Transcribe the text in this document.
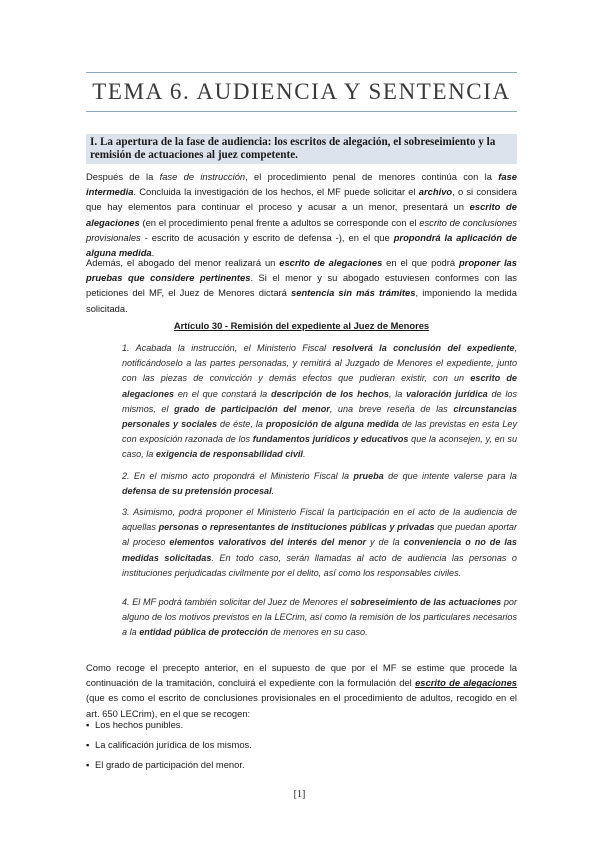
TEMA 6. AUDIENCIA Y SENTENCIA
I. La apertura de la fase de audiencia: los escritos de alegación, el sobreseimiento y la remisión de actuaciones al juez competente.
Después de la fase de instrucción, el procedimiento penal de menores continúa con la fase intermedia. Concluida la investigación de los hechos, el MF puede solicitar el archivo, o si considera que hay elementos para continuar el proceso y acusar a un menor, presentará un escrito de alegaciones (en el procedimiento penal frente a adultos se corresponde con el escrito de conclusiones provisionales - escrito de acusación y escrito de defensa -), en el que propondrá la aplicación de alguna medida.
Además, el abogado del menor realizará un escrito de alegaciones en el que podrá proponer las pruebas que considere pertinentes. Si el menor y su abogado estuviesen conformes con las peticiones del MF, el Juez de Menores dictará sentencia sin más trámites, imponiendo la medida solicitada.
Artículo 30 - Remisión del expediente al Juez de Menores
1. Acabada la instrucción, el Ministerio Fiscal resolverá la conclusión del expediente, notificándoselo a las partes personadas, y remitirá al Juzgado de Menores el expediente, junto con las piezas de convicción y demás efectos que pudieran existir, con un escrito de alegaciones en el que constará la descripción de los hechos, la valoración jurídica de los mismos, el grado de participación del menor, una breve reseña de las circunstancias personales y sociales de éste, la proposición de alguna medida de las previstas en esta Ley con exposición razonada de los fundamentos jurídicos y educativos que la aconsejen, y, en su caso, la exigencia de responsabilidad civil.
2. En el mismo acto propondrá el Ministerio Fiscal la prueba de que intente valerse para la defensa de su pretensión procesal.
3. Asimismo, podrá proponer el Ministerio Fiscal la participación en el acto de la audiencia de aquellas personas o representantes de instituciones públicas y privadas que puedan aportar al proceso elementos valorativos del interés del menor y de la conveniencia o no de las medidas solicitadas. En todo caso, serán llamadas al acto de audiencia las personas o instituciones perjudicadas civilmente por el delito, así como los responsables civiles.
4. El MF podrá también solicitar del Juez de Menores el sobreseimiento de las actuaciones por alguno de los motivos previstos en la LECrim, así como la remisión de los particulares necesarios a la entidad pública de protección de menores en su caso.
Como recoge el precepto anterior, en el supuesto de que por el MF se estime que procede la continuación de la tramitación, concluirá el expediente con la formulación del escrito de alegaciones (que es como el escrito de conclusiones provisionales en el procedimiento de adultos, recogido en el art. 650 LECrim), en el que se recogen:
▪ Los hechos punibles.
▪ La calificación jurídica de los mismos.
▪ El grado de participación del menor.
[1]
